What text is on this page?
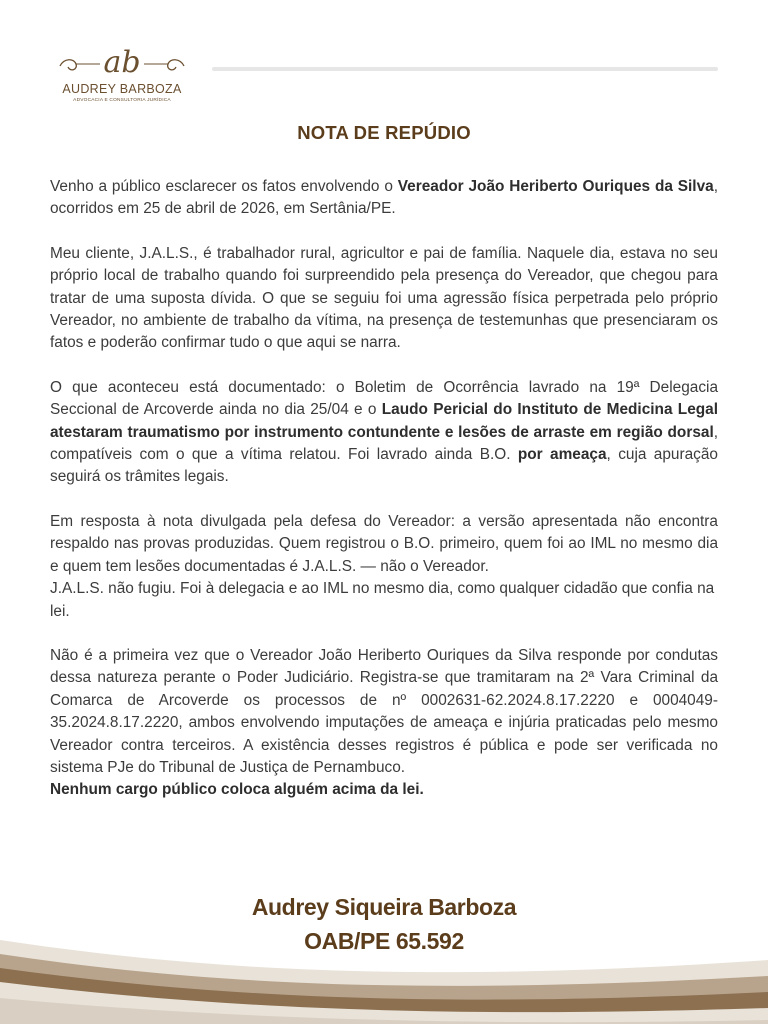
ab
AUDREY BARBOZA
ADVOCACIA E CONSULTORIA JURÍDICA
NOTA DE REPÚDIO

Venho a público esclarecer os fatos envolvendo o Vereador João Heriberto Ouriques da Silva, ocorridos em 25 de abril de 2026, em Sertânia/PE.

Meu cliente, J.A.L.S., é trabalhador rural, agricultor e pai de família. Naquele dia, estava no seu próprio local de trabalho quando foi surpreendido pela presença do Vereador, que chegou para tratar de uma suposta dívida. O que se seguiu foi uma agressão física perpetrada pelo próprio Vereador, no ambiente de trabalho da vítima, na presença de testemunhas que presenciaram os fatos e poderão confirmar tudo o que aqui se narra.

O que aconteceu está documentado: o Boletim de Ocorrência lavrado na 19ª Delegacia Seccional de Arcoverde ainda no dia 25/04 e o Laudo Pericial do Instituto de Medicina Legal atestaram traumatismo por instrumento contundente e lesões de arraste em região dorsal, compatíveis com o que a vítima relatou. Foi lavrado ainda B.O. por ameaça, cuja apuração seguirá os trâmites legais.

Em resposta à nota divulgada pela defesa do Vereador: a versão apresentada não encontra respaldo nas provas produzidas. Quem registrou o B.O. primeiro, quem foi ao IML no mesmo dia e quem tem lesões documentadas é J.A.L.S. — não o Vereador.

J.A.L.S. não fugiu. Foi à delegacia e ao IML no mesmo dia, como qualquer cidadão que confia na lei.

Não é a primeira vez que o Vereador João Heriberto Ouriques da Silva responde por condutas dessa natureza perante o Poder Judiciário. Registra-se que tramitaram na 2ª Vara Criminal da Comarca de Arcoverde os processos de nº 0002631-62.2024.8.17.2220 e 0004049-35.2024.8.17.2220, ambos envolvendo imputações de ameaça e injúria praticadas pelo mesmo Vereador contra terceiros. A existência desses registros é pública e pode ser verificada no sistema PJe do Tribunal de Justiça de Pernambuco.

Nenhum cargo público coloca alguém acima da lei.

Audrey Siqueira Barboza
OAB/PE 65.592
